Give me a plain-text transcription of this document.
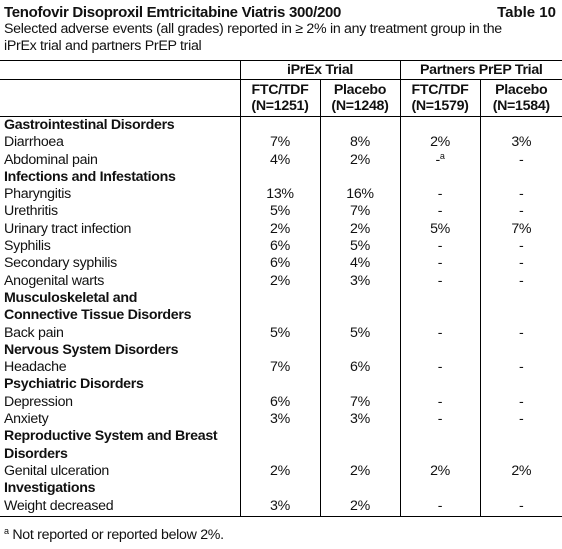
Tenofovir Disoproxil Emtricitabine Viatris 300/200	Table 10
Selected adverse events (all grades) reported in ≥ 2% in any treatment group in the
iPrEx trial and partners PrEP trial
	iPrEx Trial		Partners PrEP Trial	
	FTC/TDF
(N=1251)	Placebo
(N=1248)	FTC/TDF
(N=1579)	Placebo
(N=1584)
Gastrointestinal Disorders				
Diarrhoea	7%	8%	2%	3%
Abdominal pain	4%	2%	-$^a$	-
Infections and Infestations				
Pharyngitis	13%	16%	-	-
Urethritis	5%	7%	-	-
Urinary tract infection	2%	2%	5%	7%
Syphilis	6%	5%	-	-
Secondary syphilis	6%	4%	-	-
Anogenital warts	2%	3%	-	-
Musculoskeletal and
Connective Tissue Disorders				
Back pain	5%	5%	-	-
Nervous System Disorders				
Headache	7%	6%	-	-
Psychiatric Disorders				
Depression	6%	7%	-	-
Anxiety	3%	3%	-	-
Reproductive System and Breast
Disorders				
Genital ulceration	2%	2%	2%	2%
Investigations				
Weight decreased	3%	2%	-	-
$^a$ Not reported or reported below 2%.
